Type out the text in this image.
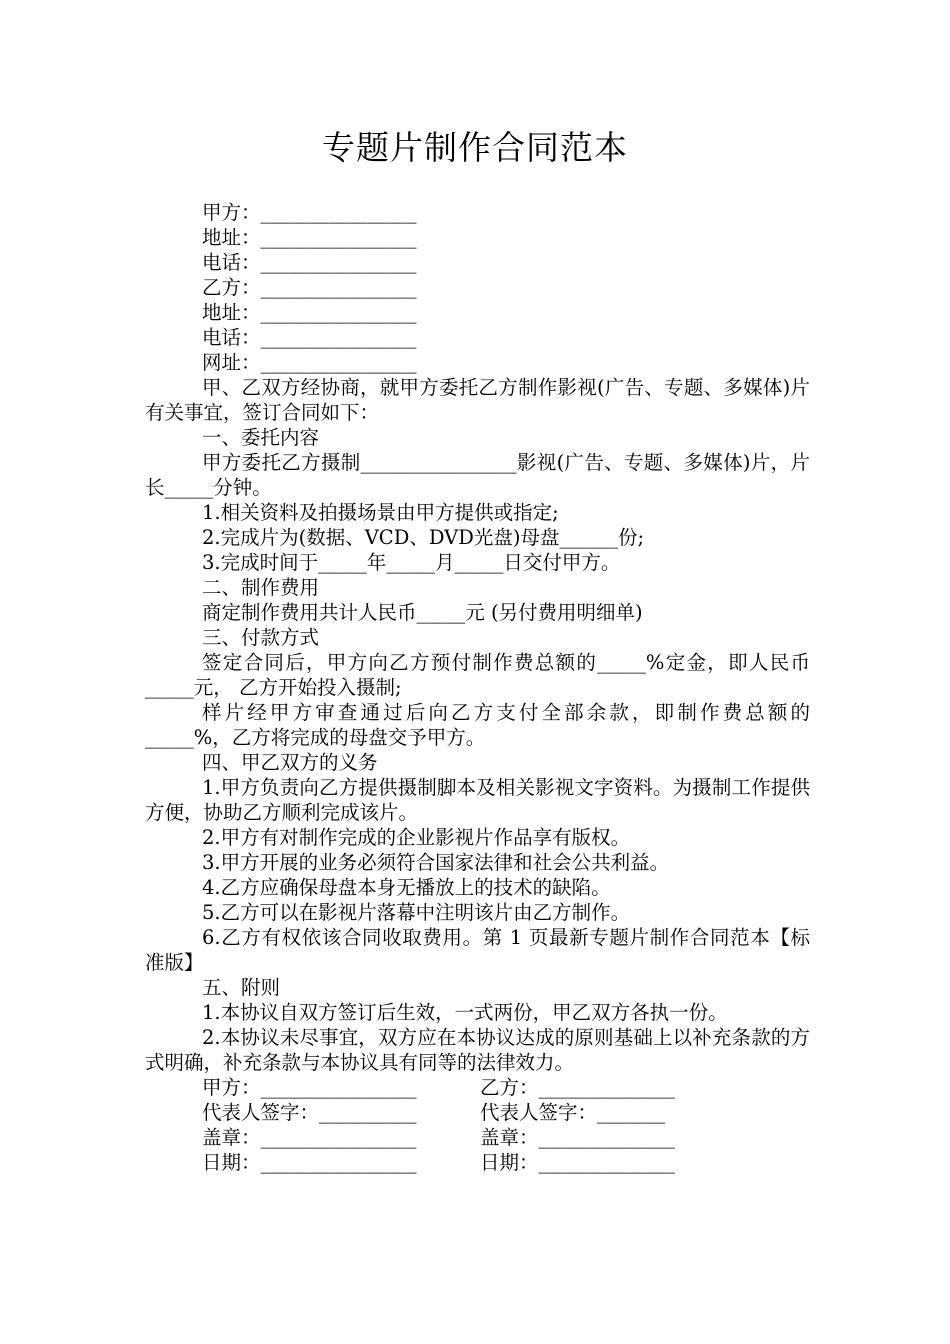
专题片制作合同范本
甲方：________________
地址：________________
电话：________________
乙方：________________
地址：________________
电话：________________
网址：________________
甲、乙双方经协商，就甲方委托乙方制作影视(广告、专题、多媒体)片有关事宜，签订合同如下：
一、委托内容
甲方委托乙方摄制________________影视(广告、专题、多媒体)片，片长_____分钟。
1.相关资料及拍摄场景由甲方提供或指定;
2.完成片为(数据、VCD、DVD光盘)母盘______份;
3.完成时间于_____年_____月_____日交付甲方。
二、制作费用
商定制作费用共计人民币_____元 (另付费用明细单)
三、付款方式
签定合同后，甲方向乙方预付制作费总额的_____%定金，即人民币_____元， 乙方开始投入摄制;
样片经甲方审查通过后向乙方支付全部余款，即制作费总额的_____%，乙方将完成的母盘交予甲方。
四、甲乙双方的义务
1.甲方负责向乙方提供摄制脚本及相关影视文字资料。为摄制工作提供方便，协助乙方顺利完成该片。
2.甲方有对制作完成的企业影视片作品享有版权。
3.甲方开展的业务必须符合国家法律和社会公共利益。
4.乙方应确保母盘本身无播放上的技术的缺陷。
5.乙方可以在影视片落幕中注明该片由乙方制作。
6.乙方有权依该合同收取费用。第 1 页最新专题片制作合同范本【标准版】
五、附则
1.本协议自双方签订后生效，一式两份，甲乙双方各执一份。
2.本协议未尽事宜，双方应在本协议达成的原则基础上以补充条款的方式明确，补充条款与本协议具有同等的法律效力。
甲方：________________	乙方：______________
代表人签字：__________	代表人签字：_______
盖章：________________	盖章：______________
日期：________________	日期：______________
